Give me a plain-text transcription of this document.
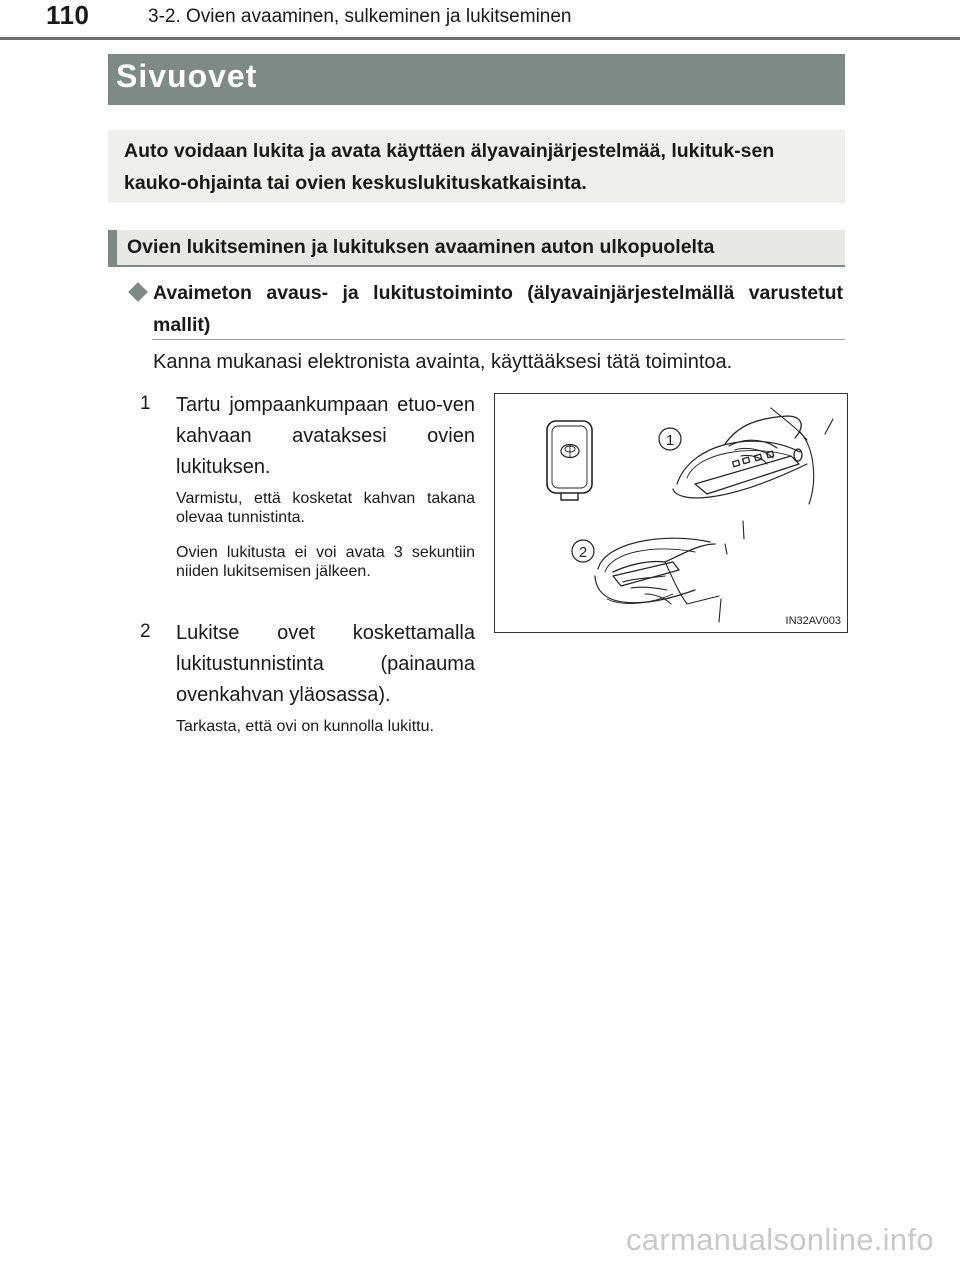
110	3-2. Ovien avaaminen, sulkeminen ja lukitseminen
Sivuovet
Auto voidaan lukita ja avata käyttäen älyavainjärjestelmää, lukituk-sen kauko-ohjainta tai ovien keskuslukituskatkaisinta.
Ovien lukitseminen ja lukituksen avaaminen auton ulkopuolelta
Avaimeton avaus- ja lukitustoiminto (älyavainjärjestelmällä varustetut mallit)
Kanna mukanasi elektronista avainta, käyttääksesi tätä toimintoa.
1 Tartu jompaankumpaan etuo-ven kahvaan avataksesi ovien lukituksen.
Varmistu, että kosketat kahvan takana olevaa tunnistinta.
Ovien lukitusta ei voi avata 3 sekuntiin niiden lukitsemisen jälkeen.
2 Lukitse ovet koskettamalla lukitustunnistinta (painauma ovenkahvan yläosassa).
Tarkasta, että ovi on kunnolla lukittu.
1
2
IN32AV003
carmanualsonline.info
